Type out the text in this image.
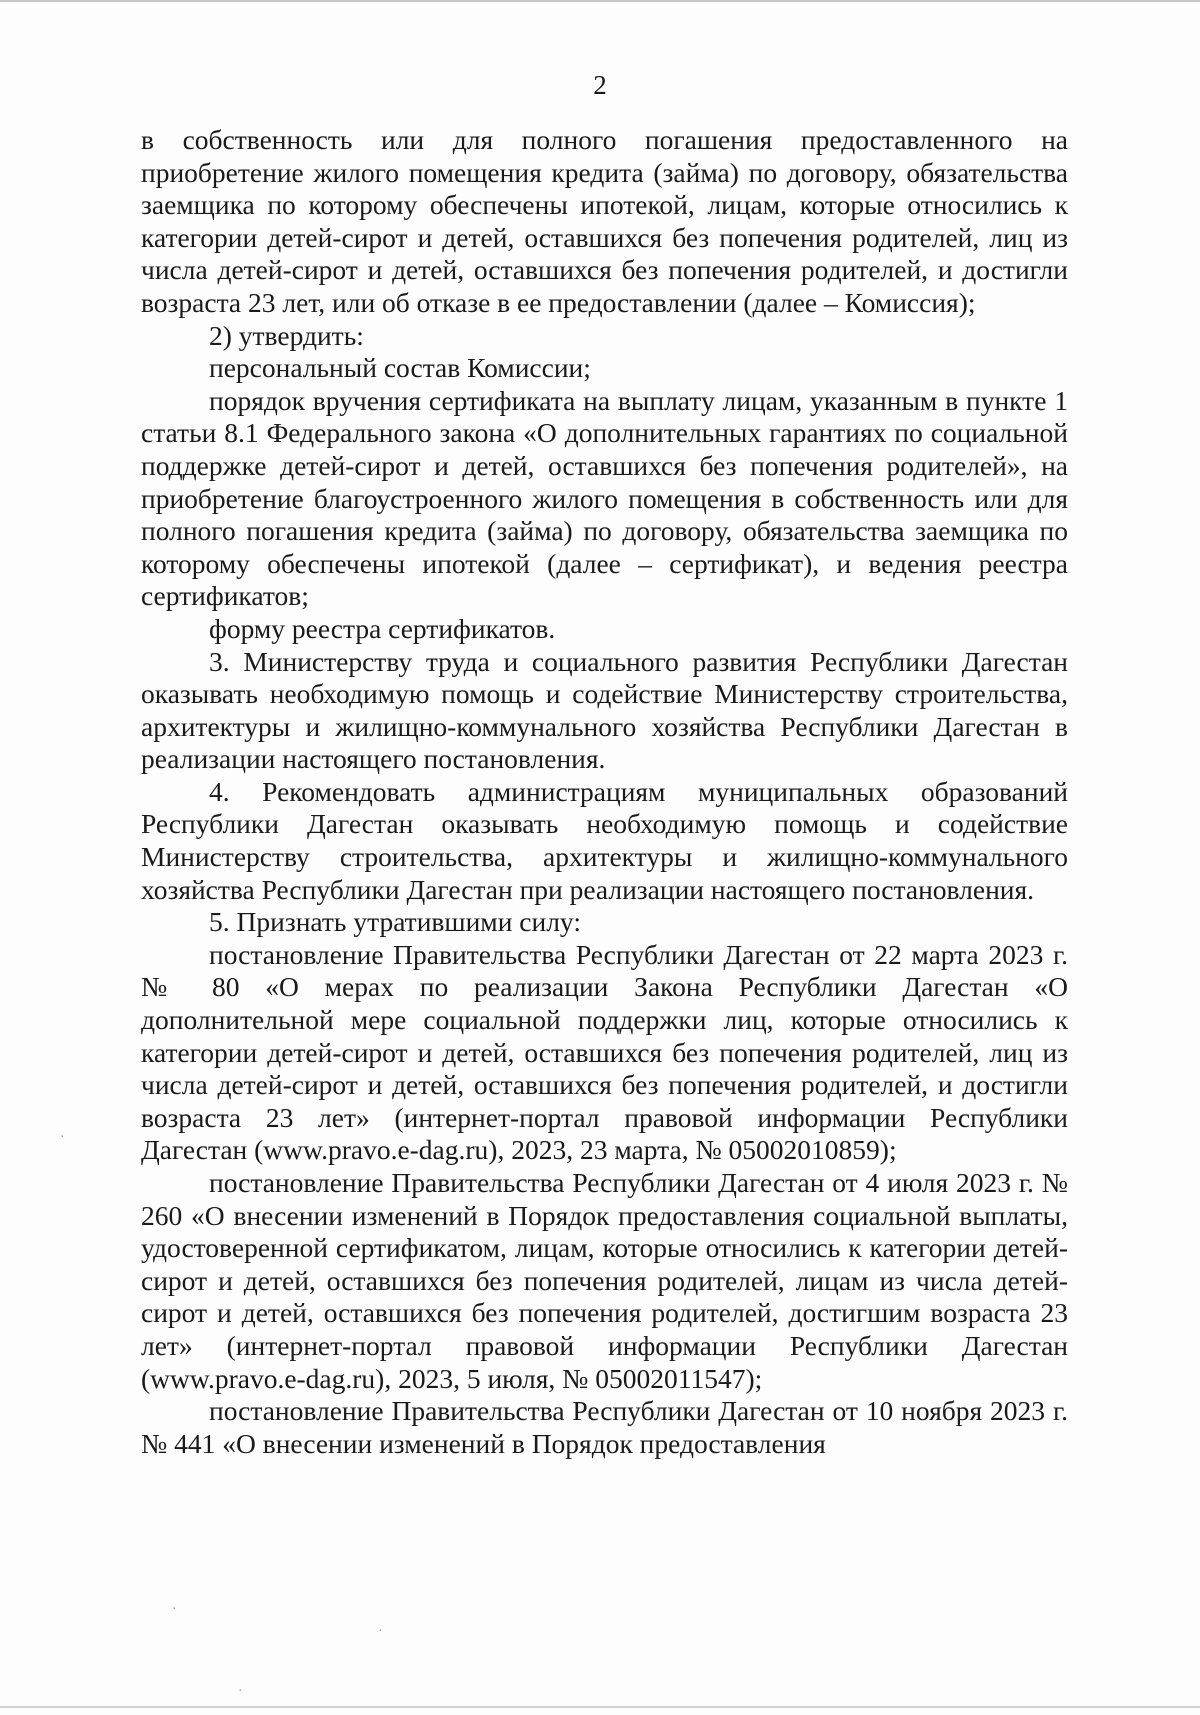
2

в собственность или для полного погашения предоставленного на приобретение жилого помещения кредита (займа) по договору, обязательства заемщика по которому обеспечены ипотекой, лицам, которые относились к категории детей-сирот и детей, оставшихся без попечения родителей, лиц из числа детей-сирот и детей, оставшихся без попечения родителей, и достигли возраста 23 лет, или об отказе в ее предоставлении (далее – Комиссия);

2) утвердить:

персональный состав Комиссии;

порядок вручения сертификата на выплату лицам, указанным в пункте 1 статьи 8.1 Федерального закона «О дополнительных гарантиях по социальной поддержке детей-сирот и детей, оставшихся без попечения родителей», на приобретение благоустроенного жилого помещения в собственность или для полного погашения кредита (займа) по договору, обязательства заемщика по которому обеспечены ипотекой (далее – сертификат), и ведения реестра сертификатов;

форму реестра сертификатов.

3. Министерству труда и социального развития Республики Дагестан оказывать необходимую помощь и содействие Министерству строительства, архитектуры и жилищно-коммунального хозяйства Республики Дагестан в реализации настоящего постановления.

4. Рекомендовать администрациям муниципальных образований Республики Дагестан оказывать необходимую помощь и содействие Министерству строительства, архитектуры и жилищно-коммунального хозяйства Республики Дагестан при реализации настоящего постановления.

5. Признать утратившими силу:

постановление Правительства Республики Дагестан от 22 марта 2023 г. № 80 «О мерах по реализации Закона Республики Дагестан «О дополнительной мере социальной поддержки лиц, которые относились к категории детей-сирот и детей, оставшихся без попечения родителей, лиц из числа детей-сирот и детей, оставшихся без попечения родителей, и достигли возраста 23 лет» (интернет-портал правовой информации Республики Дагестан (www.pravo.e-dag.ru), 2023, 23 марта, № 05002010859);

постановление Правительства Республики Дагестан от 4 июля 2023 г. № 260 «О внесении изменений в Порядок предоставления социальной выплаты, удостоверенной сертификатом, лицам, которые относились к категории детей-сирот и детей, оставшихся без попечения родителей, лицам из числа детей-сирот и детей, оставшихся без попечения родителей, достигшим возраста 23 лет» (интернет-портал правовой информации Республики Дагестан (www.pravo.e-dag.ru), 2023, 5 июля, № 05002011547);

постановление Правительства Республики Дагестан от 10 ноября 2023 г. № 441 «О внесении изменений в Порядок предоставления

·
·
·
·
